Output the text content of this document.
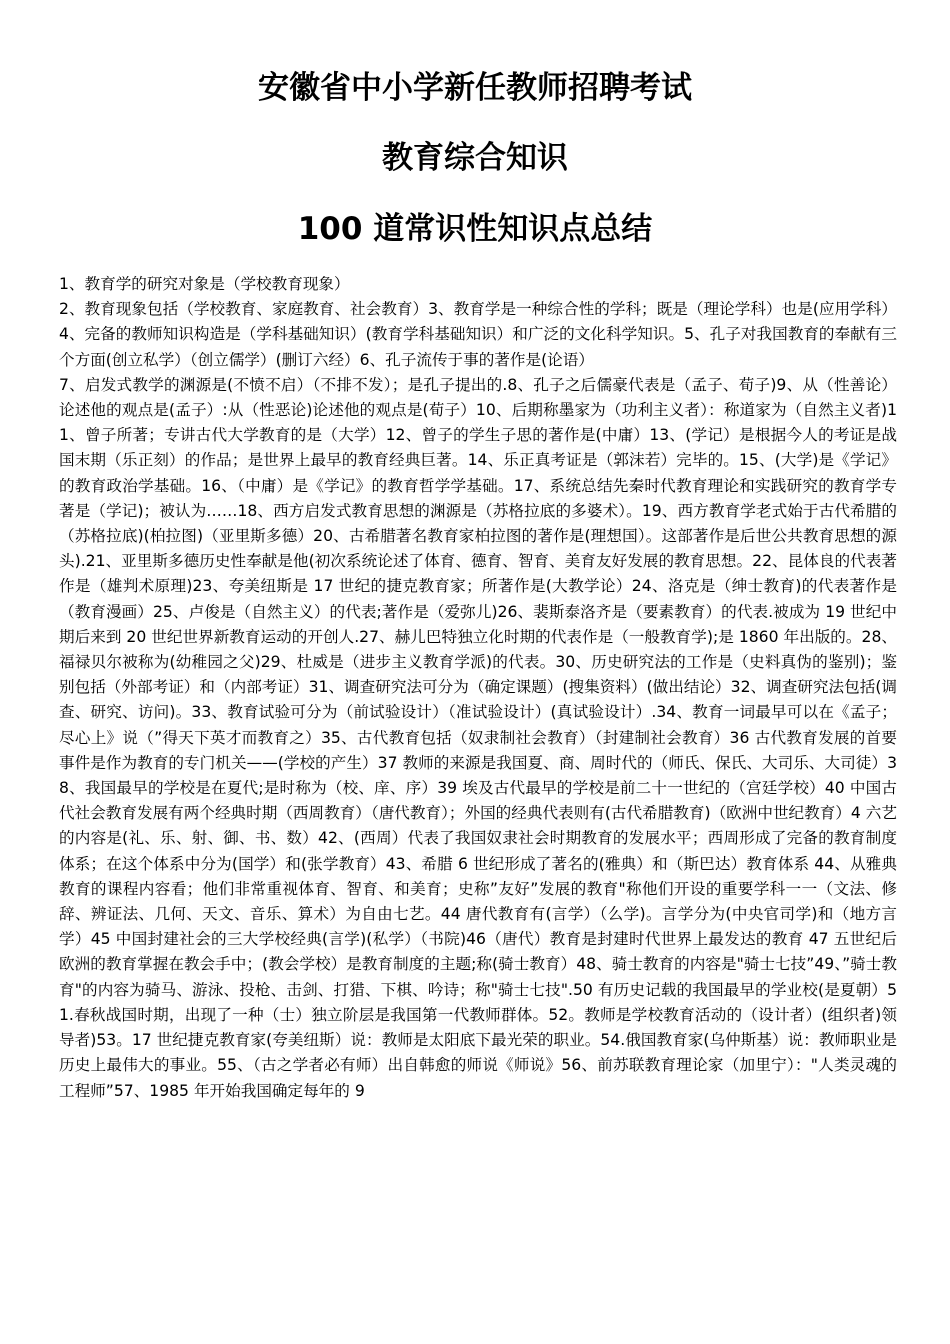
安徽省中小学新任教师招聘考试
教育综合知识
100 道常识性知识点总结

1、教育学的研究对象是（学校教育现象）

2、教育现象包括（学校教育、家庭教育、社会教育）3、教育学是一种综合性的学科；既是（理论学科）也是(应用学科）4、完备的教师知识构造是（学科基础知识）(教育学科基础知识）和广泛的文化科学知识。5、孔子对我国教育的奉献有三个方面(创立私学）（创立儒学）(删订六经）6、孔子流传于事的著作是(论语）

7、启发式教学的渊源是(不愤不启）（不排不发）；是孔子提出的.8、孔子之后儒豪代表是（孟子、荀子)9、从（性善论）论述他的观点是(孟子）:从（性恶论)论述他的观点是(荀子）10、后期称墨家为（功利主义者）：称道家为（自然主义者)11、曾子所著；专讲古代大学教育的是（大学）12、曾子的学生子思的著作是(中庸）13、(学记）是根据今人的考证是战国末期（乐正刻）的作品；是世界上最早的教育经典巨著。14、乐正真考证是（郭沫若）完毕的。15、(大学)是《学记》的教育政治学基础。16、（中庸）是《学记》的教育哲学学基础。17、系统总结先秦时代教育理论和实践研究的教育学专著是（学记)；被认为……18、西方启发式教育思想的渊源是（苏格拉底的多婆术）。19、西方教育学老式始于古代希腊的（苏格拉底)(柏拉图)（亚里斯多德）20、古希腊著名教育家柏拉图的著作是(理想国）。这部著作是后世公共教育思想的源头).21、亚里斯多德历史性奉献是他(初次系统论述了体育、德育、智育、美育友好发展的教育思想。22、昆体良的代表著作是（雄判术原理)23、夸美纽斯是 17 世纪的捷克教育家；所著作是(大教学论）24、洛克是（绅士教育)的代表著作是（教育漫画）25、卢俊是（自然主义）的代表;著作是（爱弥儿)26、裴斯泰洛齐是（要素教育）的代表.被成为 19 世纪中期后来到 20 世纪世界新教育运动的开创人.27、赫儿巴特独立化时期的代表作是（一般教育学);是 1860 年出版的。28、福禄贝尔被称为(幼稚园之父)29、杜威是（进步主义教育学派)的代表。30、历史研究法的工作是（史料真伪的鉴别)；鉴别包括（外部考证）和（内部考证）31、调查研究法可分为（确定课题）(搜集资料）(做出结论）32、调查研究法包括(调查、研究、访问)。33、教育试验可分为（前试验设计）（准试验设计）(真试验设计）.34、教育一词最早可以在《孟子；尽心上》说（”得天下英才而教育之）35、古代教育包括（奴隶制社会教育）（封建制社会教育）36 古代教育发展的首要事件是作为教育的专门机关——(学校的产生）37 教师的来源是我国夏、商、周时代的（师氏、保氏、大司乐、大司徒）38、我国最早的学校是在夏代;是时称为（校、庠、序）39 埃及古代最早的学校是前二十一世纪的（宫廷学校）40 中国古代社会教育发展有两个经典时期（西周教育）（唐代教育）；外国的经典代表则有(古代希腊教育)（欧洲中世纪教育）4 六艺的内容是(礼、乐、射、御、书、数）42、(西周）代表了我国奴隶社会时期教育的发展水平；西周形成了完备的教育制度体系；在这个体系中分为(国学）和(张学教育）43、希腊 6 世纪形成了著名的(雅典）和（斯巴达）教育体系 44、从雅典教育的课程内容看；他们非常重视体育、智育、和美育；史称”友好”发展的教育"称他们开设的重要学科一一（文法、修辞、辨证法、几何、天文、音乐、算术）为自由七艺。44 唐代教育有(言学）（么学)。言学分为(中央官司学)和（地方言学）45 中国封建社会的三大学校经典(言学)(私学）（书院)46（唐代）教育是封建时代世界上最发达的教育 47 五世纪后欧洲的教育掌握在教会手中；(教会学校）是教育制度的主题;称(骑士教育）48、骑士教育的内容是"骑士七技”49、”骑士教育"的内容为骑马、游泳、投枪、击剑、打猎、下棋、吟诗；称"骑士七技".50 有历史记载的我国最早的学业校(是夏朝）51.春秋战国时期，出现了一种（士）独立阶层是我国第一代教师群体。52。教师是学校教育活动的（设计者）(组织者)领导者)53。17 世纪捷克教育家(夸美纽斯）说：教师是太阳底下最光荣的职业。54.俄国教育家(乌仲斯基）说：教师职业是历史上最伟大的事业。55、（古之学者必有师）出自韩愈的师说《师说》56、前苏联教育理论家（加里宁）："人类灵魂的工程师”57、1985 年开始我国确定每年的 9
